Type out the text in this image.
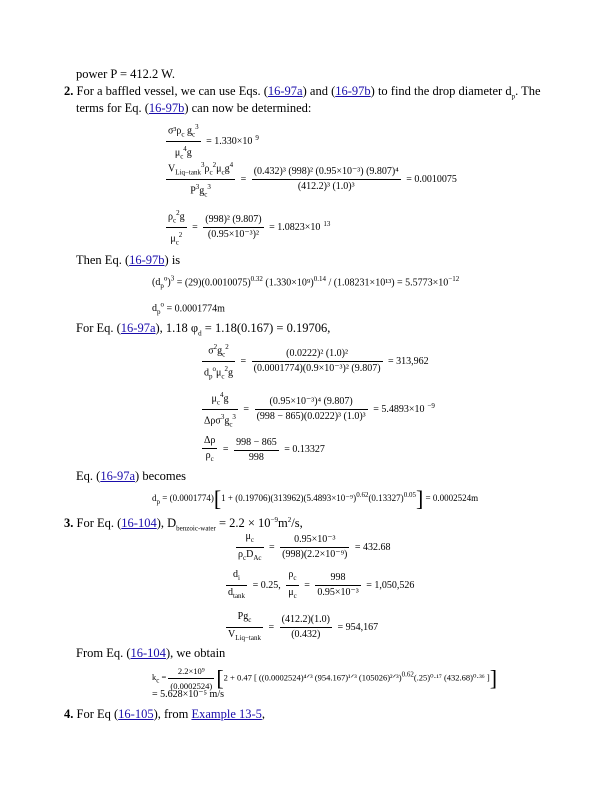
power P = 412.2 W.
2. For a baffled vessel, we can use Eqs. (16-97a) and (16-97b) to find the drop diameter $d_p$. The
terms for Eq. (16-97b) can now be determined:
$\frac{\sigma^3\rho_c g_c^3}{\mu_c^4g} = 1.330\times 10$ $^9$
$\frac{V_{Liq-tank}^3\rho_c^2\mu_cg^4}{P^3g_c^3} = \frac{\text{(0.432)³ (998)² (0.95×10⁻³) (9.807)⁴}}{\text{(412.2)³ (1.0)³}} = 0.0010075$
$\frac{\rho_c^2g}{\mu_c^2} = \frac{\text{(998)² (9.807)}}{\text{(0.95×10⁻³)²}} = 1.0823\times 10$ $^{13}$
Then Eq. (16-97b) is
$(d_p^o)^3 = (29)(0.0010075)^{0.32}$ $(1.330\times 10^9)^{0.14} / (1.08231\times 10^{13}) = 5.5773\times 10^{-12}$
$d_p^o = 0.0001774m$
For Eq. (16-97a), 1.18 $\varphi_d = 1.18(0.167) = 0.19706$,
$\frac{\sigma^2g_c^2}{d_p^o\mu_c^2g} = \frac{\text{(0.0222)² (1.0)²}}{\text{(0.0001774)(0.9×10⁻³)² (9.807)}} = 313,962$
$\frac{\mu_c^4g}{\Delta\rho\sigma^3g_c^3} = \frac{\text{(0.95×10⁻³)⁴ (9.807)}}{\text{(998 − 865)(0.0222)³ (1.0)³}} = 5.4893\times 10$ $^{-9}$
$\frac{\Delta\rho}{\rho_c} = \frac{998 - 865}{998} = 0.13327$
Eq. (16-97a) becomes
$d_p = (0.0001774)[1 + (0.19706)(313962)(5.4893\times 10^{-9})^{0.62}(0.13327)^{0.05}] = 0.0002524m$
3. For Eq. (16-104), $D_{benzoic-water} = 2.2 \times 10^{-9}m^2/s$,
$\frac{\mu_c}{\rho_cD_{Ac}} = \frac{\text{0.95×10⁻³}}{\text{(998)(2.2×10⁻⁹)}} = 432.68$
$\frac{d_i}{d_{tank}} = 0.25$, $\frac{\rho_c}{\mu_c} = \frac{998}{\text{0.95×10⁻³}} = 1,050,526$
$\frac{Pg_c}{V_{Liq-tank}} = \frac{(412.2)(1.0)}{(0.432)} = 954,167$
From Eq. (16-104), we obtain
$k_c = \frac{\text{2.2×10⁹}}{(0.0002524)} [2 + 0.47$ [ ((0.0002524)⁴ᐟ³ (954.167)¹ᐟ³ (105026)²ᐟ³)$^{0.62}$(.25)⁰·¹⁷ (432.68)⁰·³⁶ ]]
= 5.628×10⁻⁵ m/s
4. For Eq (16-105), from Example 13-5,
